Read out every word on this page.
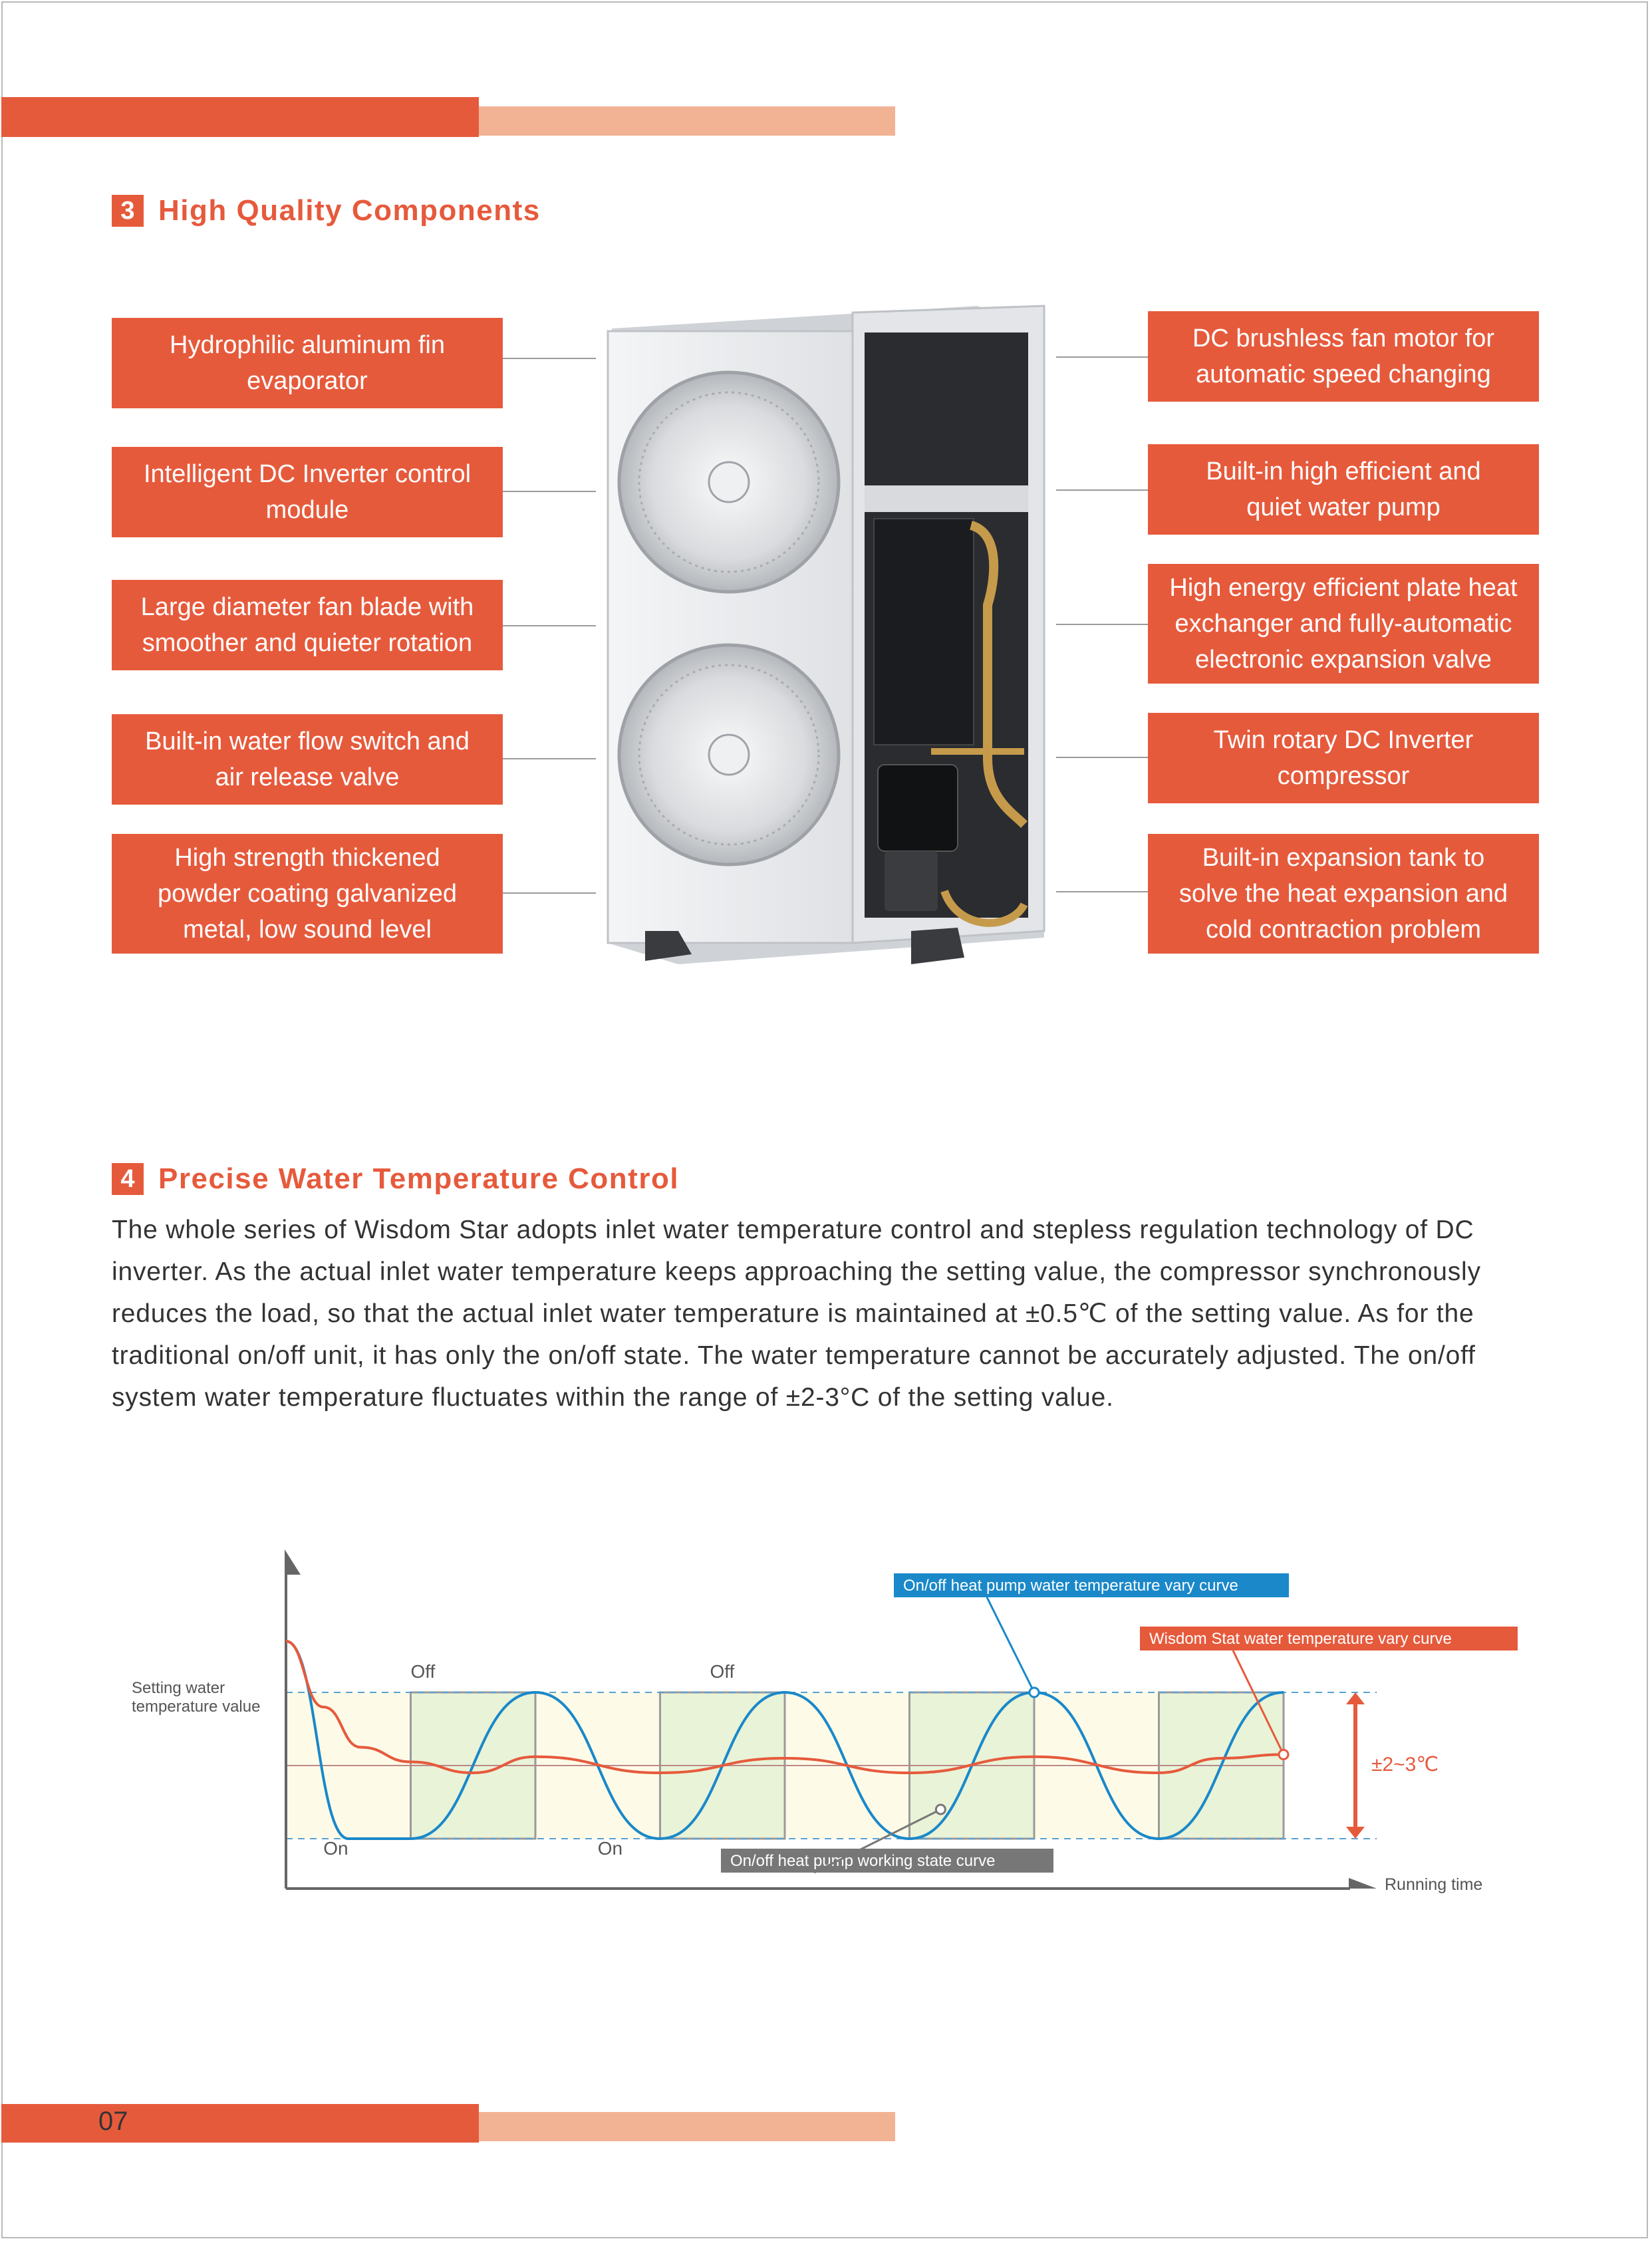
3 High Quality Components
Hydrophilic aluminum fin
evaporator
Intelligent DC Inverter control
module
Large diameter fan blade with
smoother and quieter rotation
Built-in water flow switch and
air release valve
High strength thickened
powder coating galvanized
metal, low sound level
DC brushless fan motor for
automatic speed changing
Built-in high efficient and
quiet water pump
High energy efficient plate heat
exchanger and fully-automatic
electronic expansion valve
Twin rotary DC Inverter
compressor
Built-in expansion tank to
solve the heat expansion and
cold contraction problem
4 Precise Water Temperature Control

The whole series of Wisdom Star adopts inlet water temperature control and stepless regulation technology of DC inverter. As the actual inlet water temperature keeps approaching the setting value, the compressor synchronously reduces the load, so that the actual inlet water temperature is maintained at ±0.5℃ of the setting value. As for the traditional on/off unit, it has only the on/off state. The water temperature cannot be accurately adjusted. The on/off system water temperature fluctuates within the range of ±2-3°C of the setting value.

Running time
Setting water
temperature value
Off	Off
On	On
±2~3℃
On/off heat pump water temperature vary curve
Wisdom Stat water temperature vary curve
On/off heat pump working state curve
07
